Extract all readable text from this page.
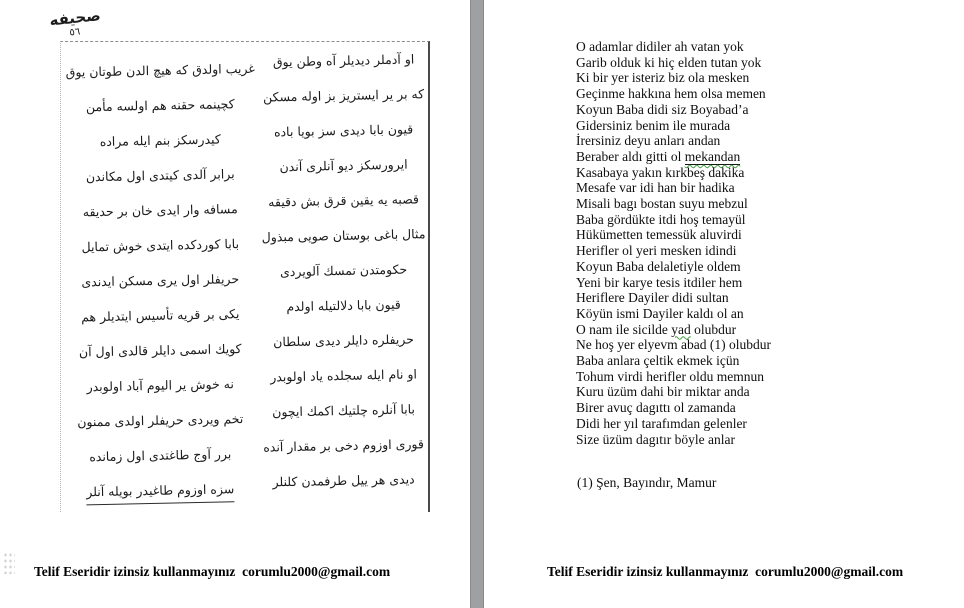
صحيفه
٥٦
او آدملر ديديلر آه وطن يوق
غريب اولدق كه هيچ الدن طوتان يوق
كه بر ير ايستريز بز اوله مسكن
كچينمه حقنه هم اولسه مأمن
قيون بابا ديدى سز بويا باده
كيدرسكز بنم ايله مراده
ايرورسكز ديو آنلرى آندن
برابر آلدى كيتدى اول مكاندن
قصبه يه يقين قرق بش دقيقه
مسافه وار ايدى خان بر حديقه
مثال باغى بوستان صويى مبذول
بابا كوردكده ايتدى خوش تمايل
حكومتدن تمسك آلويردى
حريفلر اول يرى مسكن ايدندى
قيون بابا دلالتيله اولدم
يكى بر قريه تأسيس ايتديلر هم
حريفلره دايلر ديدى سلطان
كويك اسمى دايلر قالدى اول آن
او نام ايله سجلده ياد اولوبدر
نه خوش ير اليوم آباد اولوبدر
بابا آنلره چلتيك اكمك ايچون
تخم ويردى حريفلر اولدى ممنون
قورى اوزوم دخى بر مقدار آنده
برر آوج طاغتدى اول زمانده
ديدى هر ييل طرفمدن كلنلر
سزه اوزوم طاغيدر بويله آنلر
Telif Eseridir izinsiz kullanmayınız  corumlu2000@gmail.com
O adamlar didiler ah vatan yok
Garib olduk ki hiç elden tutan yok
Ki bir yer isteriz biz ola mesken
Geçinme hakkına hem olsa memen
Koyun Baba didi siz Boyabad’a
Gidersiniz benim ile murada
İrersiniz deyu anları andan
Beraber aldı gitti ol mekandan
Kasabaya yakın kırkbeş dakika
Mesafe var idi han bir hadika
Misali bagı bostan suyu mebzul
Baba gördükte itdi hoş temayül
Hükümetten temessük aluvirdi
Herifler ol yeri mesken idindi
Koyun Baba delaletiyle oldem
Yeni bir karye tesis itdiler hem
Heriflere Dayiler didi sultan
Köyün ismi Dayiler kaldı ol an
O nam ile sicilde yad olubdur
Ne hoş yer elyevm abad (1) olubdur
Baba anlara çeltik ekmek içün
Tohum virdi herifler oldu memnun
Kuru üzüm dahi bir miktar anda
Birer avuç dagıttı ol zamanda
Didi her yıl tarafımdan gelenler
Size üzüm dagıtır böyle anlar
(1) Şen, Bayındır, Mamur
Telif Eseridir izinsiz kullanmayınız  corumlu2000@gmail.com
